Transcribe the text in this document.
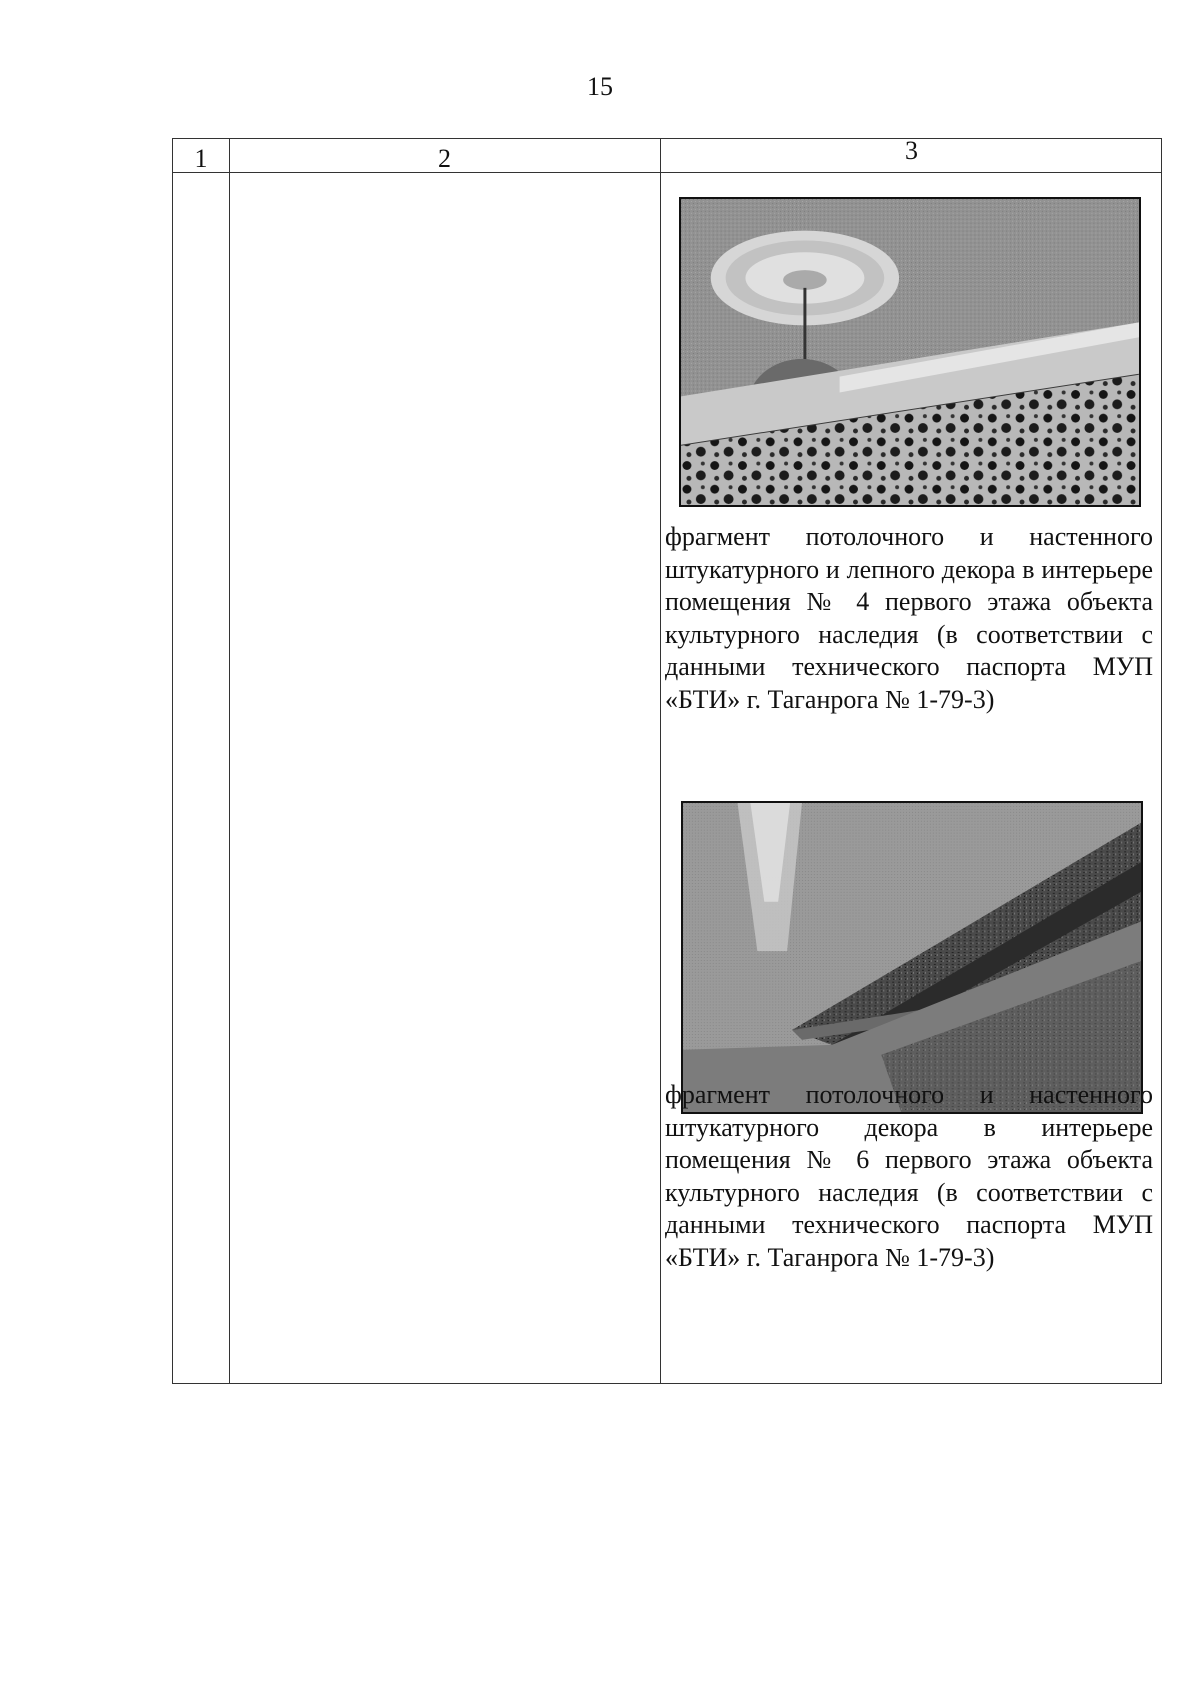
15
1	2	3
фрагмент потолочного и настенного штукатурного и лепного декора в интерьере помещения № 4 первого этажа объекта культурного наследия (в соответствии с данными технического паспорта МУП «БТИ» г. Таганрога № 1-79-3)
фрагмент потолочного и настенного штукатурного декора в интерьере помещения № 6 первого этажа объекта культурного наследия (в соответствии с данными технического паспорта МУП «БТИ» г. Таганрога № 1-79-3)
